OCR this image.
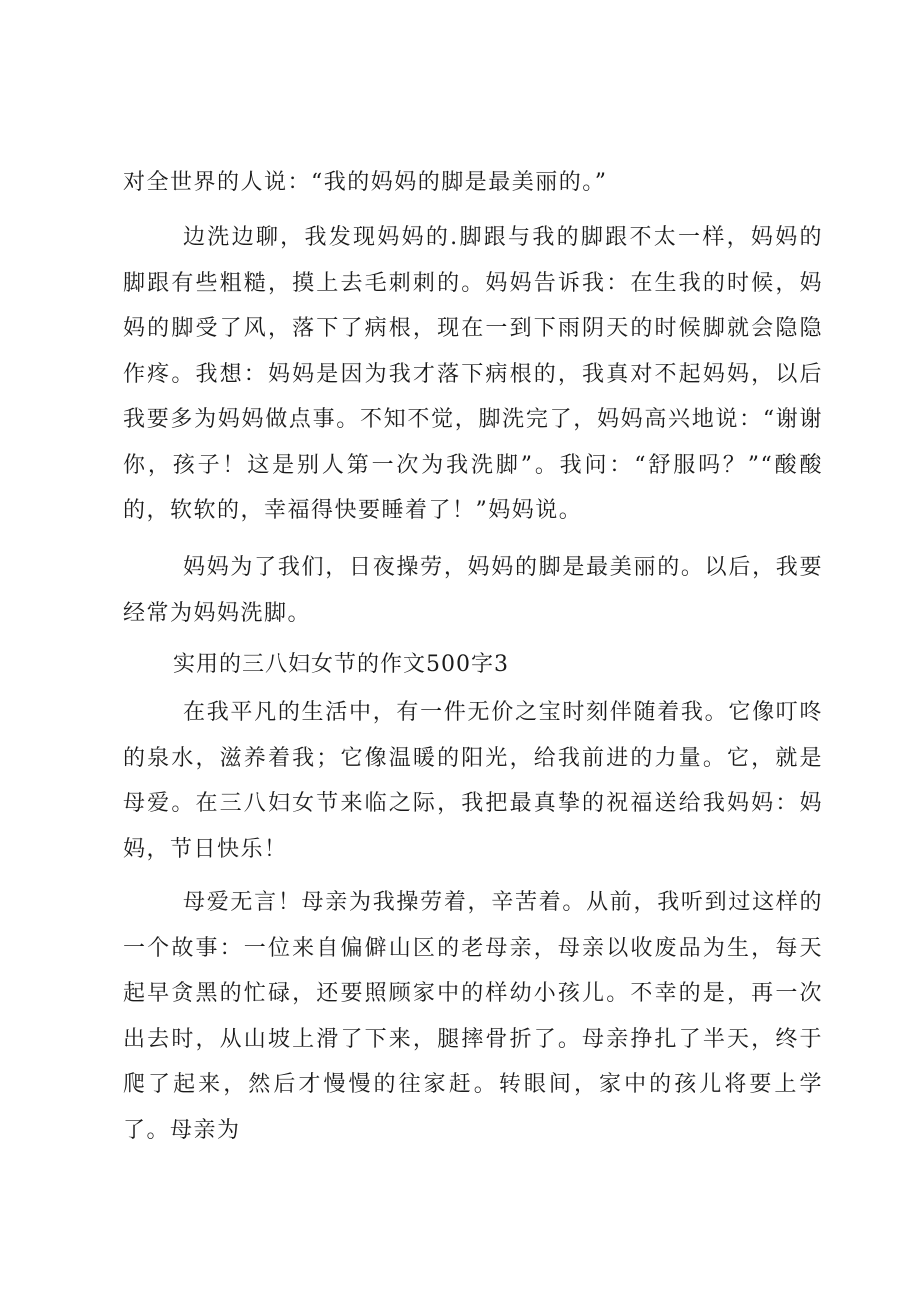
对全世界的人说：“我的妈妈的脚是最美丽的。”

边洗边聊，我发现妈妈的.脚跟与我的脚跟不太一样，妈妈的脚跟有些粗糙，摸上去毛刺刺的。妈妈告诉我：在生我的时候，妈妈的脚受了风，落下了病根，现在一到下雨阴天的时候脚就会隐隐作疼。我想：妈妈是因为我才落下病根的，我真对不起妈妈，以后我要多为妈妈做点事。不知不觉，脚洗完了，妈妈高兴地说：“谢谢你，孩子！这是别人第一次为我洗脚”。我问：“舒服吗？”“酸酸的，软软的，幸福得快要睡着了！”妈妈说。

妈妈为了我们，日夜操劳，妈妈的脚是最美丽的。以后，我要经常为妈妈洗脚。

实用的三八妇女节的作文500字3

在我平凡的生活中，有一件无价之宝时刻伴随着我。它像叮咚的泉水，滋养着我；它像温暖的阳光，给我前进的力量。它，就是母爱。在三八妇女节来临之际，我把最真挚的祝福送给我妈妈：妈妈，节日快乐！

母爱无言！母亲为我操劳着，辛苦着。从前，我听到过这样的一个故事：一位来自偏僻山区的老母亲，母亲以收废品为生，每天起早贪黑的忙碌，还要照顾家中的样幼小孩儿。不幸的是，再一次出去时，从山坡上滑了下来，腿摔骨折了。母亲挣扎了半天，终于爬了起来，然后才慢慢的往家赶。转眼间，家中的孩儿将要上学了。母亲为
